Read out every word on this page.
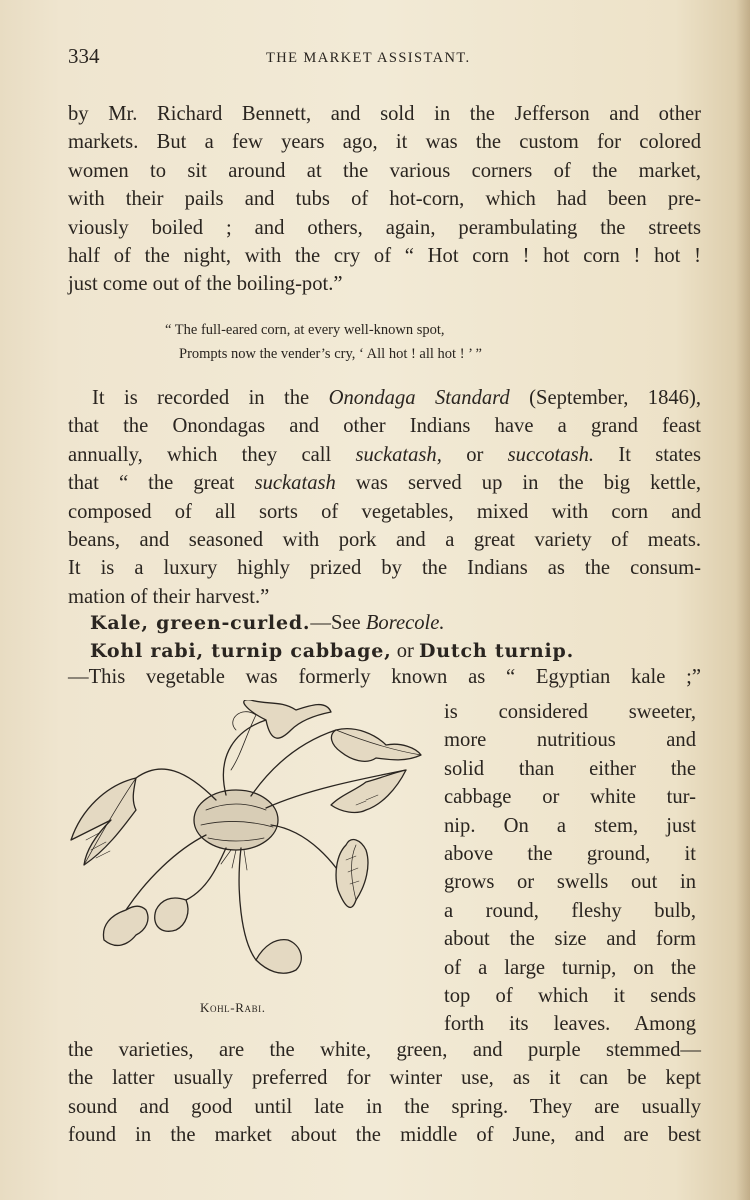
334	THE MARKET ASSISTANT.
by Mr. Richard Bennett, and sold in the Jefferson and other
markets. But a few years ago, it was the custom for colored
women to sit around at the various corners of the market,
with their pails and tubs of hot-corn, which had been pre-
viously boiled ; and others, again, perambulating the streets
half of the night, with the cry of “ Hot corn ! hot corn ! hot !
just come out of the boiling-pot.”
“ The full-eared corn, at every well-known spot,
Prompts now the vender’s cry, ‘ All hot ! all hot ! ’ ”
It is recorded in the Onondaga Standard (September, 1846),
that the Onondagas and other Indians have a grand feast
annually, which they call suckatash, or succotash. It states
that “ the great suckatash was served up in the big kettle,
composed of all sorts of vegetables, mixed with corn and
beans, and seasoned with pork and a great variety of meats.
It is a luxury highly prized by the Indians as the consum-
mation of their harvest.”
Kale, green-curled.—See Borecole.
Kohl rabi, turnip cabbage, or Dutch turnip.
—This vegetable was formerly known as “ Egyptian kale ;”
Kohl-Rabi.
is considered sweeter,
more nutritious and
solid than either the
cabbage or white tur-
nip. On a stem, just
above the ground, it
grows or swells out in
a round, fleshy bulb,
about the size and form
of a large turnip, on the
top of which it sends
forth its leaves. Among
the varieties, are the white, green, and purple stemmed—
the latter usually preferred for winter use, as it can be kept
sound and good until late in the spring. They are usually
found in the market about the middle of June, and are best
